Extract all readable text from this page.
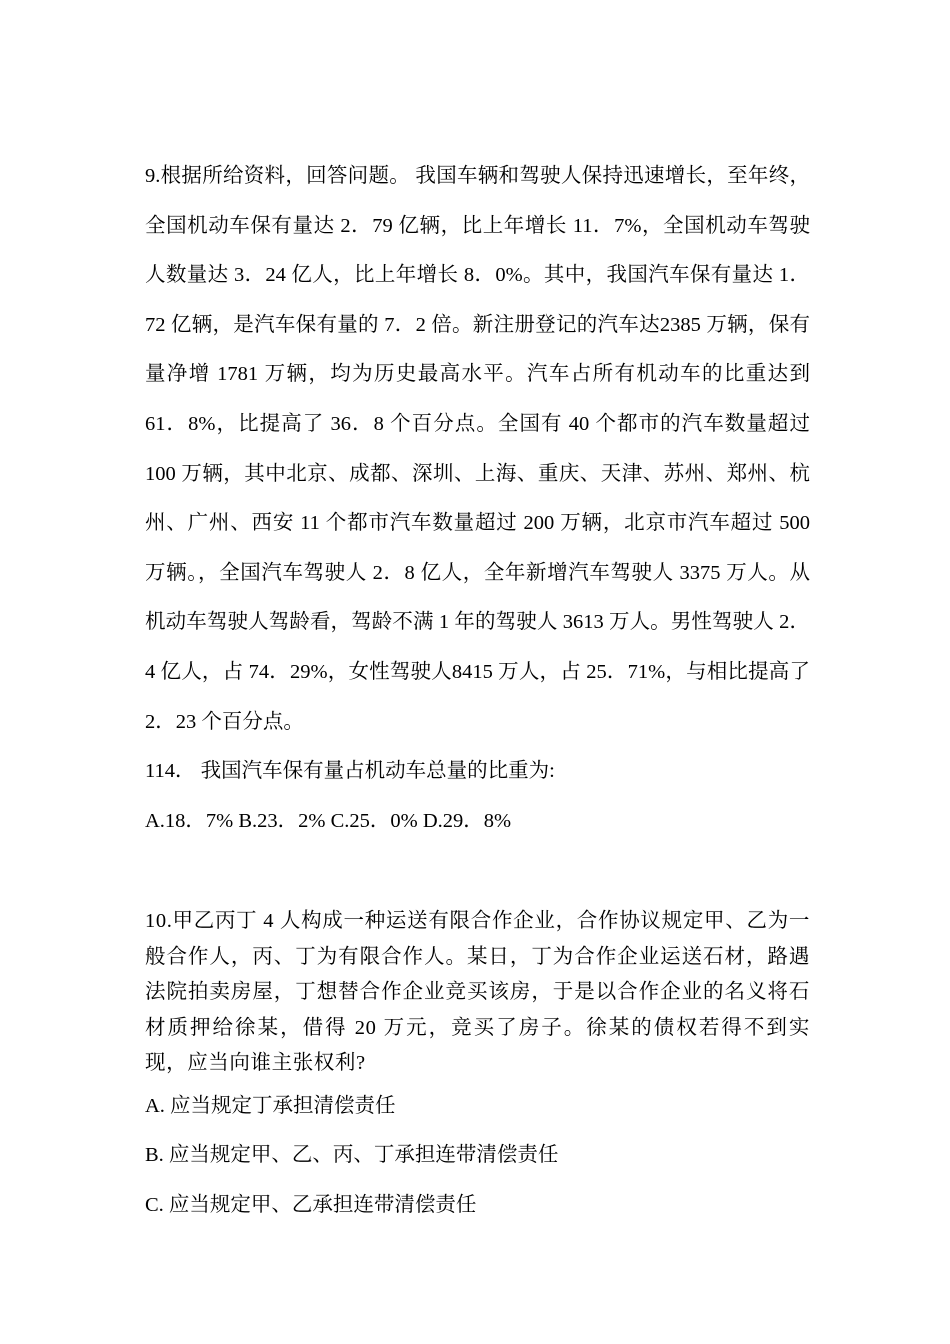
9.根据所给资料，回答问题。 我国车辆和驾驶人保持迅速增长，至年终，全国机动车保有量达 2．79 亿辆，比上年增长 11．7%，全国机动车驾驶人数量达 3．24 亿人，比上年增长 8．0%。其中，我国汽车保有量达 1．72 亿辆，是汽车保有量的 7．2 倍。新注册登记的汽车达2385 万辆，保有量净增 1781 万辆，均为历史最高水平。汽车占所有机动车的比重达到 61．8%，比提高了 36．8 个百分点。全国有 40 个都市的汽车数量超过 100 万辆，其中北京、成都、深圳、上海、重庆、天津、苏州、郑州、杭州、广州、西安 11 个都市汽车数量超过 200 万辆，北京市汽车超过 500 万辆。，全国汽车驾驶人 2．8 亿人，全年新增汽车驾驶人 3375 万人。从机动车驾驶人驾龄看，驾龄不满 1 年的驾驶人 3613 万人。男性驾驶人 2．4 亿人，占 74．29%，女性驾驶人8415 万人，占 25．71%，与相比提高了 2．23 个百分点。

114． 我国汽车保有量占机动车总量的比重为:

A.18．7% B.23．2% C.25．0% D.29．8%

10.甲乙丙丁 4 人构成一种运送有限合作企业，合作协议规定甲、乙为一般合作人，丙、丁为有限合作人。某日，丁为合作企业运送石材，路遇法院拍卖房屋，丁想替合作企业竞买该房，于是以合作企业的名义将石材质押给徐某，借得 20 万元，竞买了房子。徐某的债权若得不到实现，应当向谁主张权利?

A. 应当规定丁承担清偿责任

B. 应当规定甲、乙、丙、丁承担连带清偿责任

C. 应当规定甲、乙承担连带清偿责任
